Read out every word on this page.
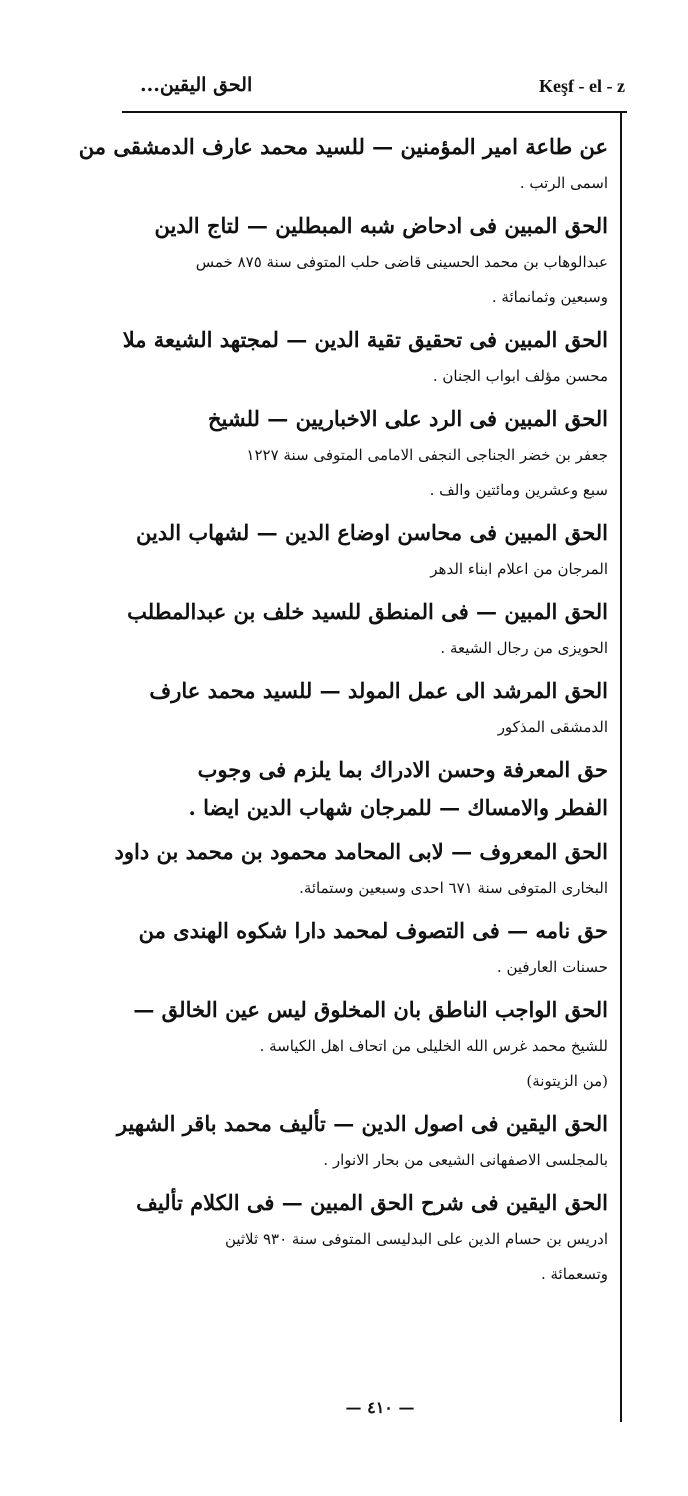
الحق اليقين...	Keşf - el - z
عن طاعة امير المؤمنين — للسيد محمد عارف الدمشقى من
اسمى الرتب .
الحق المبين فى ادحاض شبه المبطلين — لتاج الدين
عبدالوهاب بن محمد الحسينى قاضى حلب المتوفى سنة ٨٧٥ خمس
وسبعين وثمانمائة .
الحق المبين فى تحقيق تقية الدين — لمجتهد الشيعة ملا
محسن مؤلف ابواب الجنان .
الحق المبين فى الرد على الاخباريين — للشيخ
جعفر بن خضر الجناجى النجفى الامامى المتوفى سنة ١٢٢٧
سبع وعشرين ومائتين والف .
الحق المبين فى محاسن اوضاع الدين — لشهاب الدين
المرجان من اعلام ابناء الدهر
الحق المبين — فى المنطق للسيد خلف بن عبدالمطلب
الحويزى من رجال الشيعة .
الحق المرشد الى عمل المولد — للسيد محمد عارف
الدمشقى المذكور
حق المعرفة وحسن الادراك بما يلزم فى وجوب
الفطر والامساك — للمرجان شهاب الدين ايضا .
الحق المعروف — لابى المحامد محمود بن محمد بن داود
البخارى المتوفى سنة ٦٧١ احدى وسبعين وستمائة.
حق نامه — فى التصوف لمحمد دارا شكوه الهندى من
حسنات العارفين .
الحق الواجب الناطق بان المخلوق ليس عين الخالق —
للشيخ محمد غرس الله الخليلى من اتحاف اهل الكياسة .
(من الزيتونة)
الحق اليقين فى اصول الدين — تأليف محمد باقر الشهير
بالمجلسى الاصفهانى الشيعى من بحار الانوار .
الحق اليقين فى شرح الحق المبين — فى الكلام تأليف
ادريس بن حسام الدين على البدليسى المتوفى سنة ٩٣٠ ثلاثين
وتسعمائة .
— ٤١٠ —
